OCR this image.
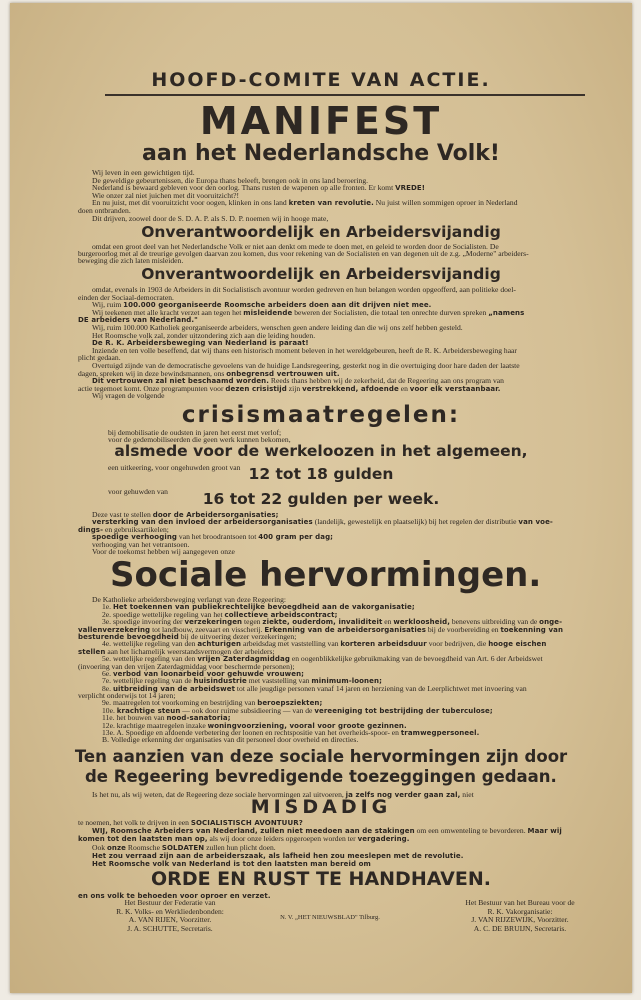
HOOFD-COMITE VAN ACTIE.
MANIFEST
aan het Nederlandsche Volk!
Wij leven in een gewichtigen tijd.
De geweldige gebeurtenissen, die Europa thans beleeft, brengen ook in ons land beroering.
Nederland is bewaard gebleven voor den oorlog. Thans rusten de wapenen op alle fronten. Er komt VREDE!
Wie onzer zal niet juichen met dit vooruitzicht?!
En nu juist, met dit vooruitzicht voor oogen, klinken in ons land kreten van revolutie. Nu juist willen sommigen oproer in Nederland
doen ontbranden.
Dit drijven, zoowel door de S. D. A. P. als S. D. P. noemen wij in hooge mate,
Onverantwoordelijk en Arbeidersvijandig
omdat een groot deel van het Nederlandsche Volk er niet aan denkt om mede te doen met, en geleid te worden door de Socialisten. De
burgeroorlog met al de treurige gevolgen daarvan zou komen, dus voor rekening van de Socialisten en van degenen uit de z.g. „Moderne" arbeiders-
beweging die zich laten misleiden.
Onverantwoordelijk en Arbeidersvijandig
omdat, evenals in 1903 de Arbeiders in dit Socialistisch avontuur worden gedreven en hun belangen worden opgeofferd, aan politieke doel-
einden der Sociaal-democraten.
Wij, ruim 100.000 georganiseerde Roomsche arbeiders doen aan dit drijven niet mee.
Wij teekenen met alle kracht verzet aan tegen het misleidende beweren der Socialisten, die totaal ten onrechte durven spreken „namens
DE arbeiders van Nederland."
Wij, ruim 100.000 Katholiek georganiseerde arbeiders, wenschen geen andere leiding dan die wij ons zelf hebben gesteld.
Het Roomsche volk zal, zonder uitzondering zich aan die leiding houden.
De R. K. Arbeidersbeweging van Nederland is paraat!
Inziende en ten volle beseffend, dat wij thans een historisch moment beleven in het wereldgebeuren, heeft de R. K. Arbeidersbeweging haar
plicht gedaan.
Overtuigd zijnde van de democratische gevoelens van de huidige Landsregeering, gesterkt nog in die overtuiging door hare daden der laatste
dagen, spreken wij in deze bewindsmannen, ons onbegrensd vertrouwen uit.
Dit vertrouwen zal niet beschaamd worden. Reeds thans hebben wij de zekerheid, dat de Regeering aan ons program van
actie tegemoet komt. Onze programpunten voor dezen crisistijd zijn verstrekkend, afdoende en voor elk verstaanbaar.
Wij vragen de volgende
crisismaatregelen:
bij demobilisatie de oudsten in jaren het eerst met verlof;
voor de gedemobiliseerden die geen werk kunnen bekomen,
alsmede voor de werkeloozen in het algemeen,
een uitkeering, voor ongehuwden groot van 12 tot 18 gulden
voor gehuwden van	16 tot 22 gulden per week.
Deze vast te stellen door de Arbeidersorganisaties;
versterking van den invloed der arbeidersorganisaties (landelijk, gewestelijk en plaatselijk) bij het regelen der distributie van voe-
dings- en gebruiksartikelen;
spoedige verhooging van het broodrantsoen tot 400 gram per dag;
verhooging van het vetrantsoen.
Voor de toekomst hebben wij aangegeven onze
Sociale hervormingen.
De Katholieke arbeidersbeweging verlangt van deze Regeering:
1e. Het toekennen van publiekrechtelijke bevoegdheid aan de vakorganisatie;
2e. spoedige wettelijke regeling van het collectieve arbeidscontract;
3e. spoedige invoering der verzekeringen tegen ziekte, ouderdom, invaliditeit en werkloosheid, benevens uitbreiding van de onge-
vallenverzekering tot landbouw, zeevaart en visscherij. Erkenning van de arbeidersorganisaties bij de voorbereiding en toekenning van
besturende bevoegdheid bij de uitvoering dezer verzekeringen;
4e. wettelijke regeling van den achturigen arbeidsdag met vaststelling van korteren arbeidsduur voor bedrijven, die hooge eischen
stellen aan het lichamelijk weerstandsvermogen der arbeiders;
5e. wettelijke regeling van den vrijen Zaterdagmiddag en oogenblikkelijke gebruikmaking van de bevoegdheid van Art. 6 der Arbeidswet
(invoering van den vrijen Zaterdagmiddag voor beschermde personen);
6e. verbod van loonarbeid voor gehuwde vrouwen;
7e. wettelijke regeling van de huisindustrie met vaststelling van minimum-loonen;
8e. uitbreiding van de arbeidswet tot alle jeugdige personen vanaf 14 jaren en herziening van de Leerplichtwet met invoering van
verplicht onderwijs tot 14 jaren;
9e. maatregelen tot voorkoming en bestrijding van beroepsziekten;
10e. krachtige steun — ook door ruime subsidieering — van de vereeniging tot bestrijding der tuberculose;
11e. het bouwen van nood-sanatoria;
12e. krachtige maatregelen inzake woningvoorziening, vooral voor groote gezinnen.
13e. A. Spoedige en afdoende verbetering der loonen en rechtspositie van het overheids-spoor- en tramwegpersoneel.
B. Volledige erkenning der organisaties van dit personeel door overheid en directies.
Ten aanzien van deze sociale hervormingen zijn door
de Regeering bevredigende toezeggingen gedaan.
Is het nu, als wij weten, dat de Regeering deze sociale hervormingen zal uitvoeren, ja zelfs nog verder gaan zal, niet
MISDADIG
te noemen, het volk te drijven in een SOCIALISTISCH AVONTUUR?
WIJ, Roomsche Arbeiders van Nederland, zullen niet meedoen aan de stakingen om een omwenteling te bevorderen. Maar wij
komen tot den laatsten man op, als wij door onze leiders opgeroepen worden ter vergadering.
Ook onze Roomsche SOLDATEN zullen hun plicht doen.
Het zou verraad zijn aan de arbeiderszaak, als lafheid hen zou meeslepen met de revolutie.
Het Roomsche volk van Nederland is tot den laatsten man bereid om
ORDE EN RUST TE HANDHAVEN.
en ons volk te behoeden voor oproer en verzet.
Het Bestuur der Federatie van
R. K. Volks- en Werkliedenbonden:
A. VAN RIJEN, Voorzitter.
J. A. SCHUTTE, Secretaris.
N. V. „HET NIEUWSBLAD" Tilburg.
Het Bestuur van het Bureau voor de
R. K. Vakorganisatie:
J. VAN RIJZEWIJK, Voorzitter.
A. C. DE BRUIJN, Secretaris.
